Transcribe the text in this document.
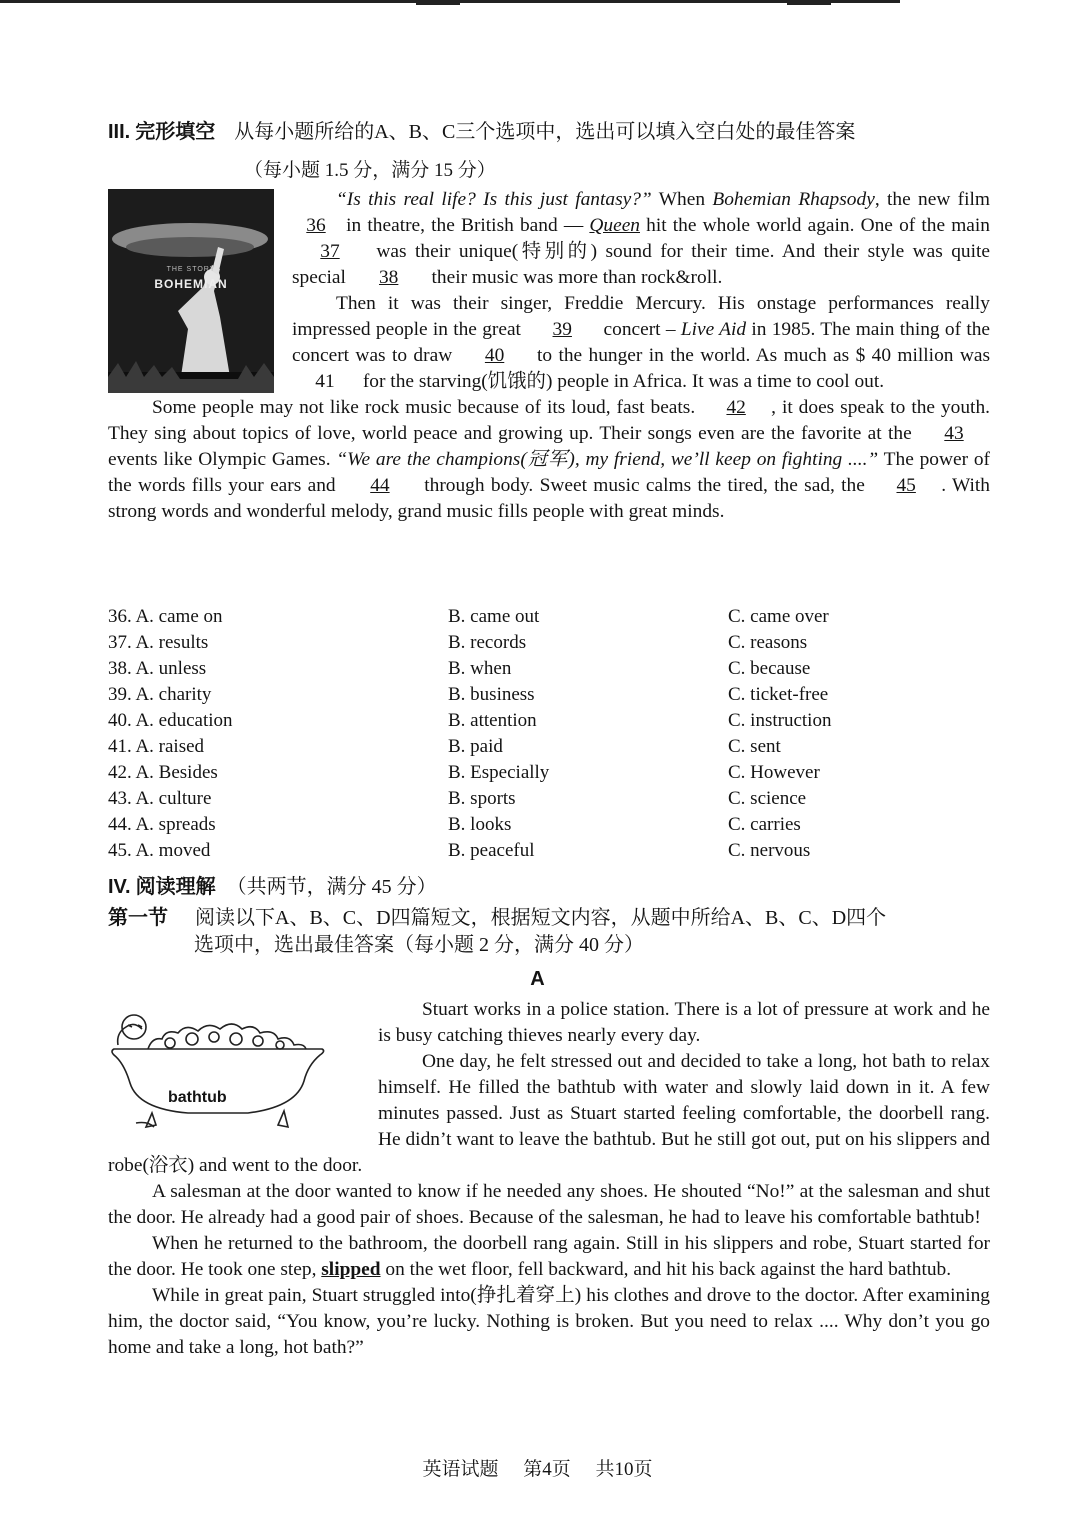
III. 完形填空 从每小题所给的A、B、C三个选项中，选出可以填入空白处的最佳答案
（每小题 1.5 分，满分 15 分）
BOHEMIAN
THE STORY
“Is this real life? Is this just fantasy?” When Bohemian Rhapsody, the new film 36 in theatre, the British band — Queen hit the whole world again. One of the main 37 was their unique(特别的) sound for their time. And their style was quite special 38 their music was more than rock&roll.
Then it was their singer, Freddie Mercury. His onstage performances really impressed people in the great 39 concert – Live Aid in 1985. The main thing of the concert was to draw 40 to the hunger in the world. As much as $ 40 million was 41 for the starving(饥饿的) people in Africa. It was a time to cool out.
Some people may not like rock music because of its loud, fast beats. 42 , it does speak to the youth. They sing about topics of love, world peace and growing up. Their songs even are the favorite at the 43 events like Olympic Games. “We are the champions(冠军), my friend, we’ll keep on fighting ....” The power of the words fills your ears and 44 through body. Sweet music calms the tired, the sad, the 45 . With strong words and wonderful melody, grand music fills people with great minds.
36. A. came on	B. came out	C. came over
37. A. results	B. records	C. reasons
38. A. unless	B. when	C. because
39. A. charity	B. business	C. ticket-free
40. A. education	B. attention	C. instruction
41. A. raised	B. paid	C. sent
42. A. Besides	B. Especially	C. However
43. A. culture	B. sports	C. science
44. A. spreads	B. looks	C. carries
45. A. moved	B. peaceful	C. nervous
IV. 阅读理解 （共两节，满分 45 分）
第一节 阅读以下A、B、C、D四篇短文，根据短文内容，从题中所给A、B、C、D四个
选项中，选出最佳答案（每小题 2 分，满分 40 分）
A
bathtub
Stuart works in a police station. There is a lot of pressure at work and he is busy catching thieves nearly every day.
One day, he felt stressed out and decided to take a long, hot bath to relax himself. He filled the bathtub with water and slowly laid down in it. A few minutes passed. Just as Stuart started feeling comfortable, the doorbell rang. He didn’t want to leave the bathtub. But he still got out, put on his slippers and robe(浴衣) and went to the door.
A salesman at the door wanted to know if he needed any shoes. He shouted “No!” at the salesman and shut the door. He already had a good pair of shoes. Because of the salesman, he had to leave his comfortable bathtub!
When he returned to the bathroom, the doorbell rang again. Still in his slippers and robe, Stuart started for the door. He took one step, slipped on the wet floor, fell backward, and hit his back against the hard bathtub.
While in great pain, Stuart struggled into(挣扎着穿上) his clothes and drove to the doctor. After examining him, the doctor said, “You know, you’re lucky. Nothing is broken. But you need to relax .... Why don’t you go home and take a long, hot bath?”
英语试题 第4页 共10页
